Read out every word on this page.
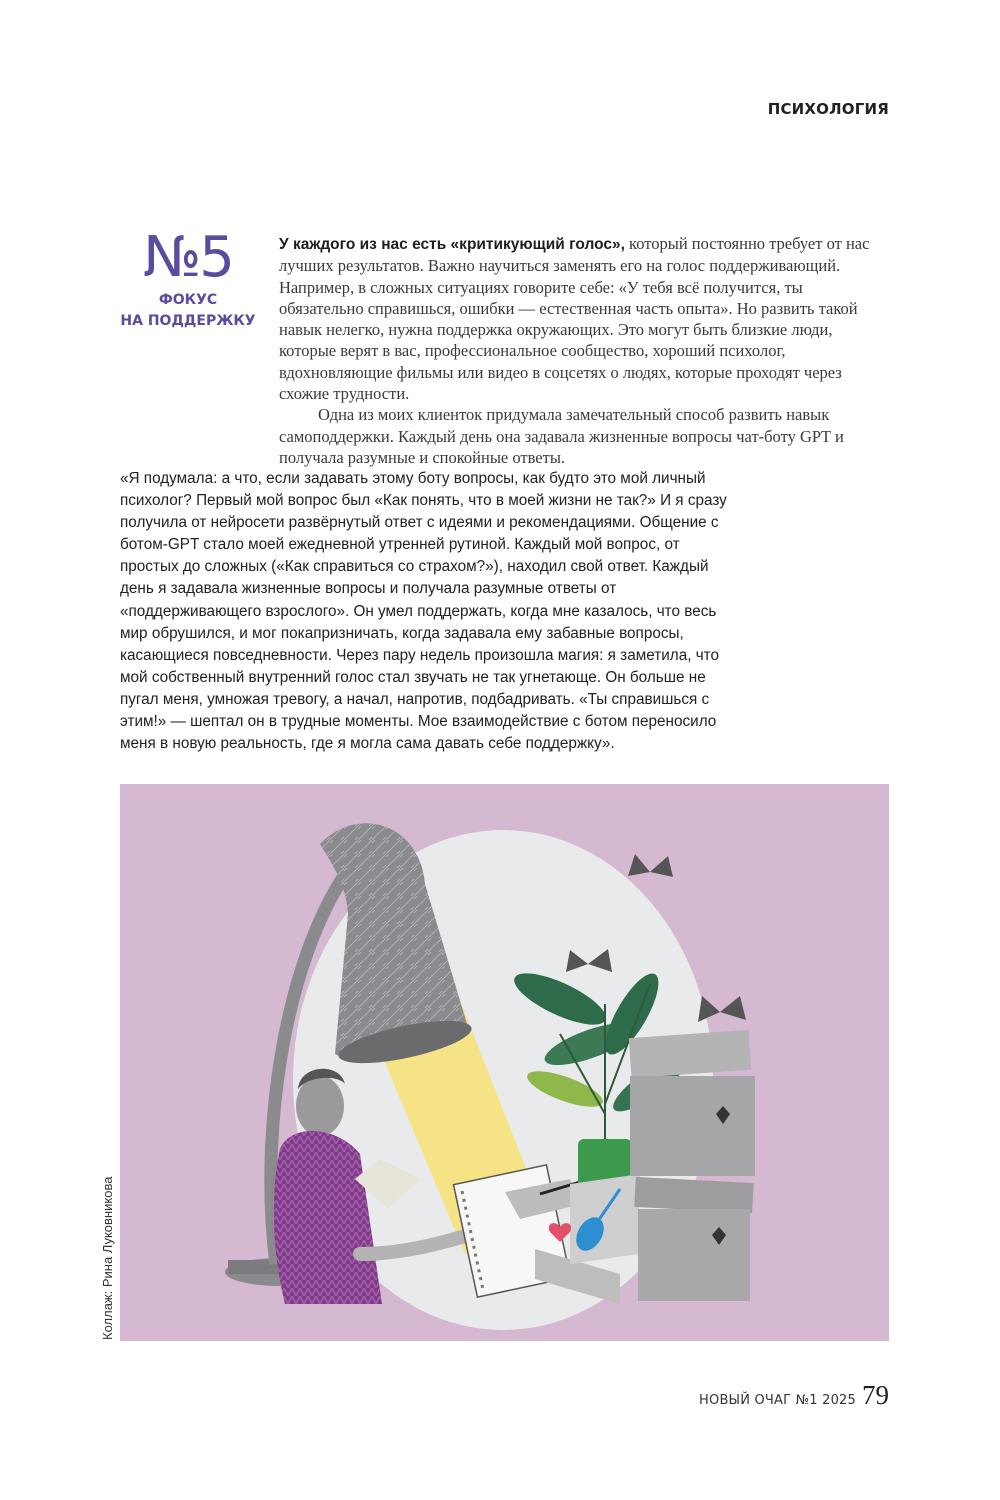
ПСИХОЛОГИЯ
№5
ФОКУС
НА ПОДДЕРЖКУ

У каждого из нас есть «критикующий голос», который постоянно требует от нас лучших результатов. Важно научиться заменять его на голос поддерживающий. Например, в сложных ситуациях говорите себе: «У тебя всё получится, ты обязательно справишься, ошибки — естественная часть опыта». Но развить такой навык нелегко, нужна поддержка окружающих. Это могут быть близкие люди, которые верят в вас, профессиональное сообщество, хороший психолог, вдохновляющие фильмы или видео в соцсетях о людях, которые проходят через схожие трудности.

Одна из моих клиенток придумала замечательный способ развить навык самоподдержки. Каждый день она задавала жизненные вопросы чат-боту GPT и получала разумные и спокойные ответы.

«Я подумала: а что, если задавать этому боту вопросы, как будто это мой личный психолог? Первый мой вопрос был «Как понять, что в моей жизни не так?» И я сразу получила от нейросети развёрнутый ответ с идеями и рекомендациями. Общение с ботом-GPT стало моей ежедневной утренней рутиной. Каждый мой вопрос, от простых до сложных («Как справиться со страхом?»), находил свой ответ. Каждый день я задавала жизненные вопросы и получала разумные ответы от «поддерживающего взрослого». Он умел поддержать, когда мне казалось, что весь мир обрушился, и мог покапризничать, когда задавала ему забавные вопросы, касающиеся повседневности. Через пару недель произошла магия: я заметила, что мой собственный внутренний голос стал звучать не так угнетающе. Он больше не пугал меня, умножая тревогу, а начал, напротив, подбадривать. «Ты справишься с этим!» — шептал он в трудные моменты. Мое взаимодействие с ботом переносило меня в новую реальность, где я могла сама давать себе поддержку».

Коллаж: Рина Луковникова
НОВЫЙ ОЧАГ №1 2025 79
